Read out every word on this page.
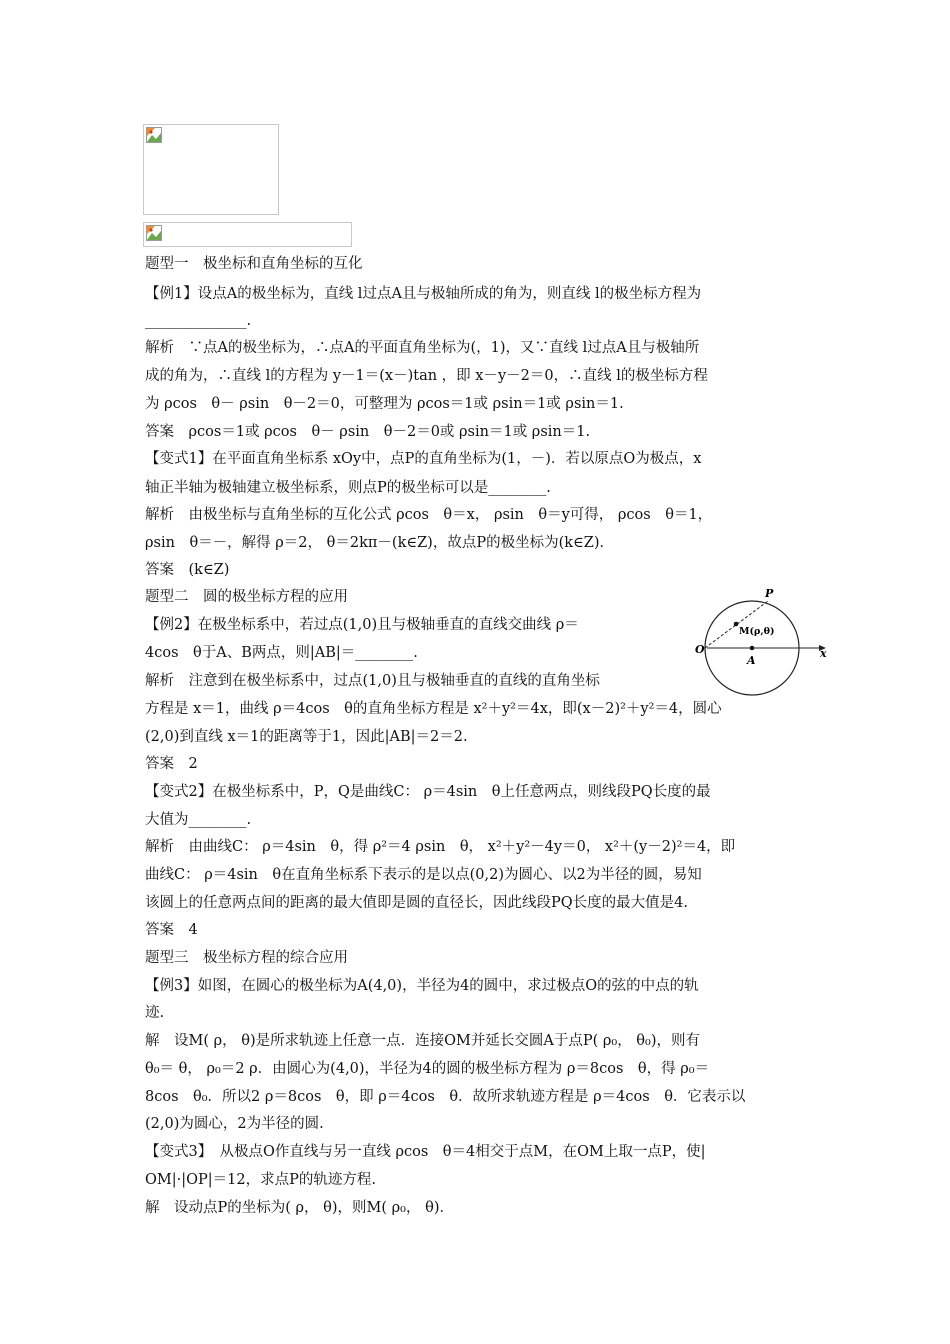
题型一　极坐标和直角坐标的互化
【例1】设点A的极坐标为，直线 l过点A且与极轴所成的角为，则直线 l的极坐标方程为
______________.
解析　∵点A的极坐标为，∴点A的平面直角坐标为(，1)，又∵直线 l过点A且与极轴所
成的角为，∴直线 l的方程为 y－1＝(x－)tan ，即 x－y－2＝0，∴直线 l的极坐标方程
为 ρcos　θ－ ρsin　θ－2＝0，可整理为 ρcos＝1或 ρsin＝1或 ρsin＝1.
答案　ρcos＝1或 ρcos　θ－ ρsin　θ－2＝0或 ρsin＝1或 ρsin＝1.
【变式1】在平面直角坐标系 xOy中，点P的直角坐标为(1，－)．若以原点O为极点，x
轴正半轴为极轴建立极坐标系，则点P的极坐标可以是________.
解析　由极坐标与直角坐标的互化公式 ρcos　θ＝x， ρsin　θ＝y可得， ρcos　θ＝1，
ρsin　θ＝－，解得 ρ＝2， θ＝2kπ－(k∈Z)，故点P的极坐标为(k∈Z)．
答案　(k∈Z)
题型二　圆的极坐标方程的应用
【例2】在极坐标系中，若过点(1,0)且与极轴垂直的直线交曲线 ρ＝
4cos　θ于A、B两点，则|AB|＝________.
解析　注意到在极坐标系中，过点(1,0)且与极轴垂直的直线的直角坐标
方程是 x＝1，曲线 ρ＝4cos　θ的直角坐标方程是 x²＋y²＝4x，即(x－2)²＋y²＝4，圆心
(2,0)到直线 x＝1的距离等于1，因此|AB|＝2＝2.
答案　2
【变式2】在极坐标系中，P，Q是曲线C： ρ＝4sin　θ上任意两点，则线段PQ长度的最
大值为________.
解析　由曲线C： ρ＝4sin　θ，得 ρ²＝4 ρsin　θ， x²＋y²－4y＝0， x²＋(y－2)²＝4，即
曲线C： ρ＝4sin　θ在直角坐标系下表示的是以点(0,2)为圆心、以2为半径的圆，易知
该圆上的任意两点间的距离的最大值即是圆的直径长，因此线段PQ长度的最大值是4.
答案　4
题型三　极坐标方程的综合应用
【例3】如图，在圆心的极坐标为A(4,0)，半径为4的圆中，求过极点O的弦的中点的轨
迹.
解　设M( ρ， θ)是所求轨迹上任意一点．连接OM并延长交圆A于点P( ρ₀， θ₀)，则有
θ₀＝ θ， ρ₀＝2 ρ．由圆心为(4,0)，半径为4的圆的极坐标方程为 ρ＝8cos　θ，得 ρ₀＝
8cos　θ₀．所以2 ρ＝8cos　θ，即 ρ＝4cos　θ．故所求轨迹方程是 ρ＝4cos　θ．它表示以
(2,0)为圆心，2为半径的圆.
【变式3】　从极点O作直线与另一直线 ρcos　θ＝4相交于点M，在OM上取一点P，使|
OM|·|OP|＝12，求点P的轨迹方程.
解　设动点P的坐标为( ρ， θ)，则M( ρ₀， θ)．
P
M(ρ,θ)
O
A
x
